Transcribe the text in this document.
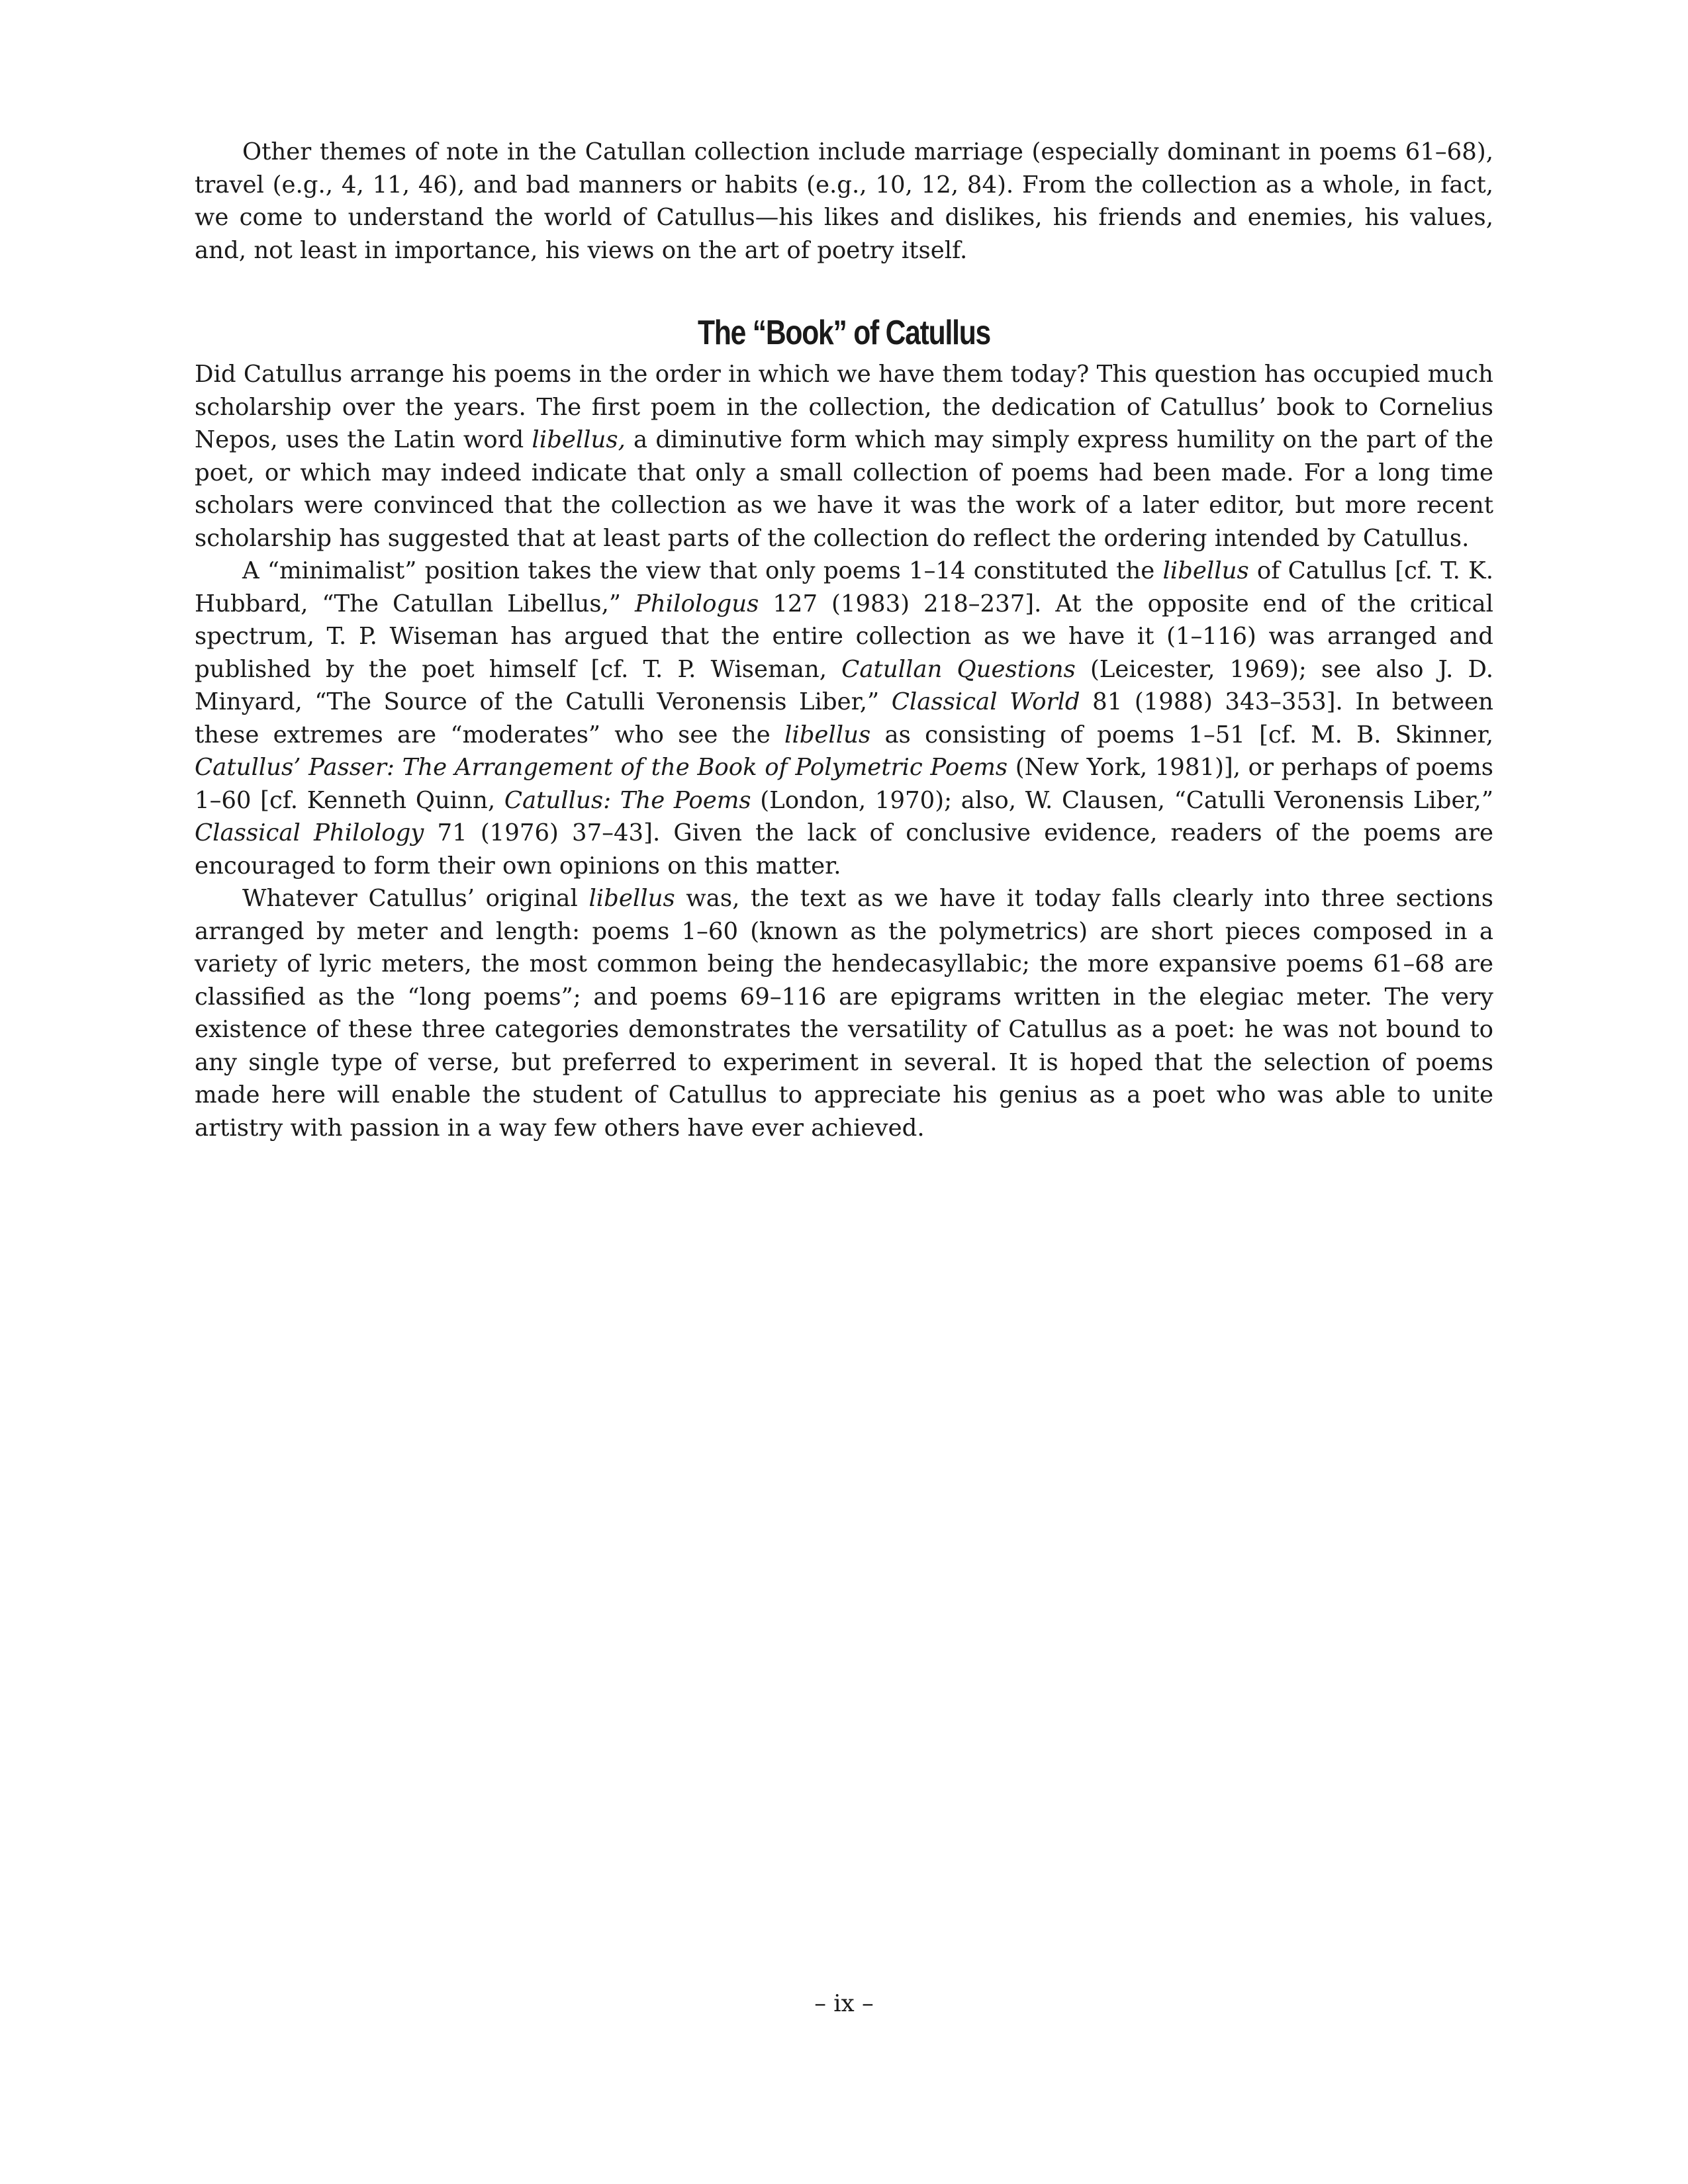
Other themes of note in the Catullan collection include marriage (especially dominant in poems 61–68), travel (e.g., 4, 11, 46), and bad manners or habits (e.g., 10, 12, 84). From the collection as a whole, in fact, we come to understand the world of Catullus—his likes and dislikes, his friends and enemies, his values, and, not least in importance, his views on the art of poetry itself.

The “Book” of Catullus

Did Catullus arrange his poems in the order in which we have them today? This question has occupied much scholarship over the years. The first poem in the collection, the dedication of Catullus’ book to Cornelius Nepos, uses the Latin word libellus, a diminutive form which may simply express humility on the part of the poet, or which may indeed indicate that only a small collection of poems had been made. For a long time scholars were convinced that the collection as we have it was the work of a later editor, but more recent scholarship has suggested that at least parts of the collection do reflect the ordering intended by Catullus.

A “minimalist” position takes the view that only poems 1–14 constituted the libellus of Catullus [cf. T. K. Hubbard, “The Catullan Libellus,” Philologus 127 (1983) 218–237]. At the opposite end of the critical spectrum, T. P. Wiseman has argued that the entire collection as we have it (1–116) was arranged and published by the poet himself [cf. T. P. Wiseman, Catullan Questions (Leicester, 1969); see also J. D. Minyard, “The Source of the Catulli Veronensis Liber,” Classical World 81 (1988) 343–353]. In between these extremes are “moderates” who see the libellus as consisting of poems 1–51 [cf. M. B. Skinner, Catullus’ Passer: The Arrangement of the Book of Polymetric Poems (New York, 1981)], or perhaps of poems 1–60 [cf. Kenneth Quinn, Catullus: The Poems (London, 1970); also, W. Clausen, “Catulli Veronensis Liber,” Classical Philology 71 (1976) 37–43]. Given the lack of conclusive evidence, readers of the poems are encouraged to form their own opinions on this matter.

Whatever Catullus’ original libellus was, the text as we have it today falls clearly into three sections arranged by meter and length: poems 1–60 (known as the polymetrics) are short pieces composed in a variety of lyric meters, the most common being the hendecasyllabic; the more expansive poems 61–68 are classified as the “long poems”; and poems 69–116 are epigrams written in the elegiac meter. The very existence of these three categories demonstrates the versatility of Catullus as a poet: he was not bound to any single type of verse, but preferred to experiment in several. It is hoped that the selection of poems made here will enable the student of Catullus to appreciate his genius as a poet who was able to unite artistry with passion in a way few others have ever achieved.

– ix –
